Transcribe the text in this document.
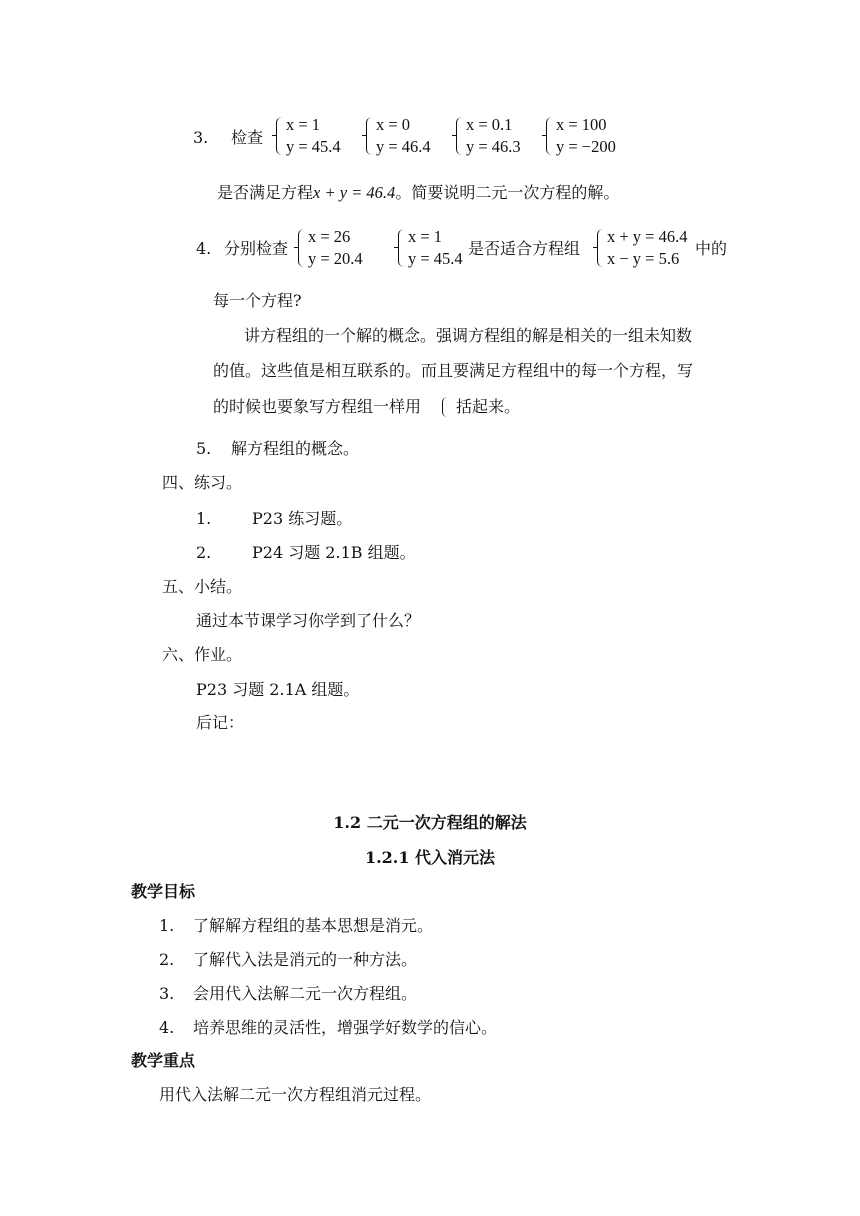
3. 检查
x = 1
y = 45.4
x = 0
y = 46.4
x = 0.1
y = 46.3
x = 100
y = −200
是否满足方程x + y = 46.4。简要说明二元一次方程的解。
4. 分别检查
x = 26
y = 20.4
x = 1
y = 45.4
是否适合方程组
x + y = 46.4
x − y = 5.6
中的
每一个方程?
讲方程组的一个解的概念。强调方程组的解是相关的一组未知数
的值。这些值是相互联系的。而且要满足方程组中的每一个方程，写
的时候也要象写方程组一样用 括起来。
5. 解方程组的概念。
四、练习。
1.	P23 练习题。
2.	P24 习题 2.1B 组题。
五、小结。
通过本节课学习你学到了什么？
六、作业。
P23 习题 2.1A 组题。
后记：
1.2 二元一次方程组的解法
1.2.1 代入消元法
教学目标
1. 了解解方程组的基本思想是消元。
2. 了解代入法是消元的一种方法。
3. 会用代入法解二元一次方程组。
4. 培养思维的灵活性，增强学好数学的信心。
教学重点
用代入法解二元一次方程组消元过程。
